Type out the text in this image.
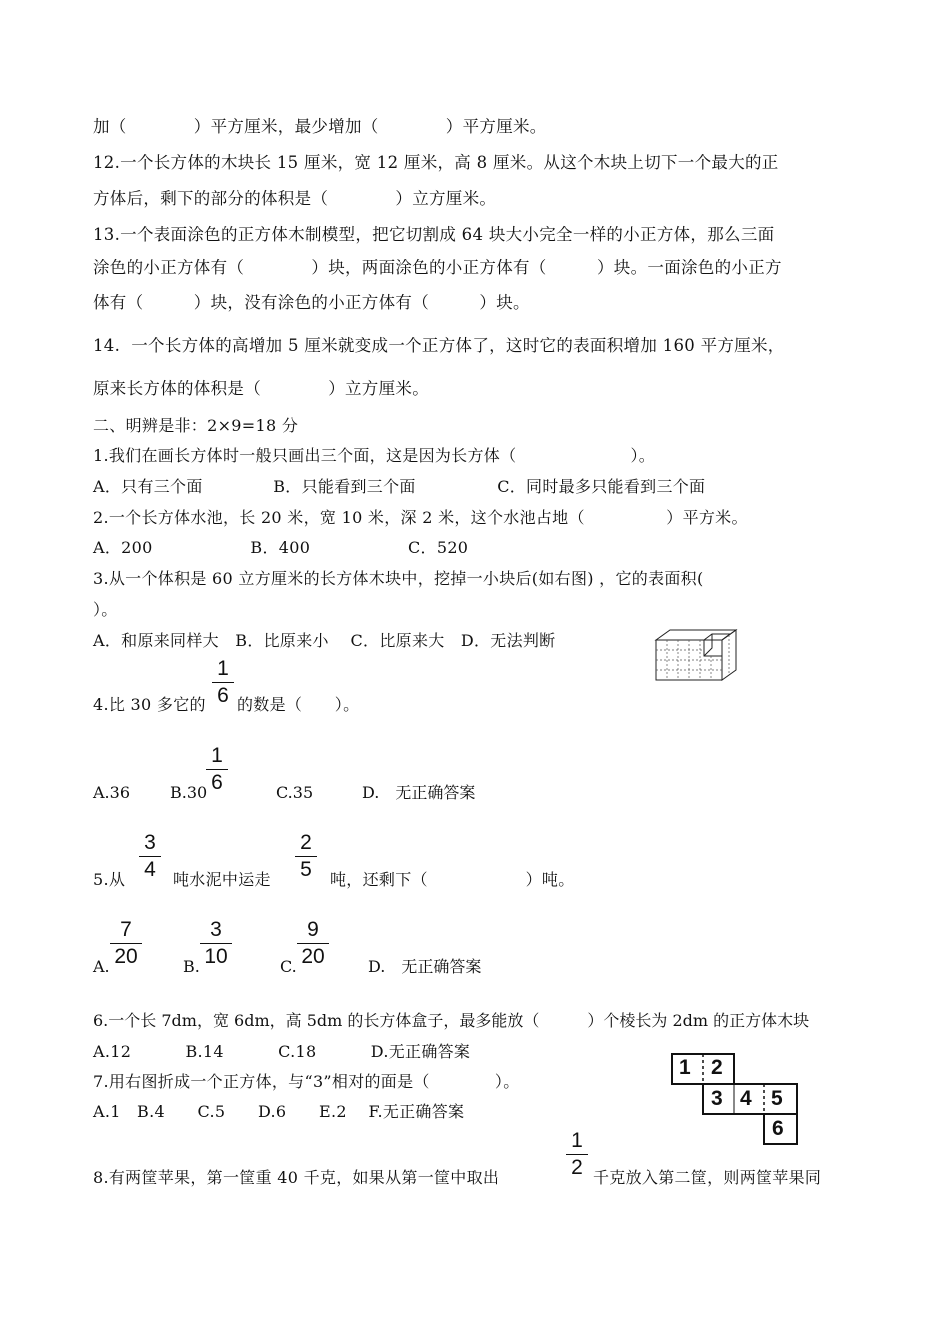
加（　　　　）平方厘米，最少增加（　　　　）平方厘米。
12.一个长方体的木块长 15 厘米，宽 12 厘米，高 8 厘米。从这个木块上切下一个最大的正
方体后，剩下的部分的体积是（　　　　）立方厘米。
13.一个表面涂色的正方体木制模型，把它切割成 64 块大小完全一样的小正方体，那么三面
涂色的小正方体有（　　　　）块，两面涂色的小正方体有（　　　）块。一面涂色的小正方
体有（　　　）块，没有涂色的小正方体有（　　　）块。
14.  一个长方体的高增加 5 厘米就变成一个正方体了，这时它的表面积增加 160 平方厘米，
原来长方体的体积是（　　　　）立方厘米。
二、明辨是非：2×9=18 分
1.我们在画长方体时一般只画出三个面，这是因为长方体（　　　　　　　）。
A．只有三个面　　　　 B．只能看到三个面　　　　　C．同时最多只能看到三个面
2.一个长方体水池，长 20 米，宽 10 米，深 2 米，这个水池占地（　　　　　）平方米。
A．200　　　　　　B．400　　　　　　C．520
3.从一个体积是 60 立方厘米的长方体木块中，挖掉一小块后(如右图) ，它的表面积(
）。
A．和原来同样大　B．比原来小　 C．比原来大　D．无法判断
4.比 30 多它的
1
6 的数是（　　）。
A.36	B.30
1
6	C.35	D.　无正确答案
5.从
3
4	吨水泥中运走
2
5	吨，还剩下（　　　　　　）吨。
A.
7
20	B.
3
10	C.
9
20	D.　无正确答案
6.一个长 7dm，宽 6dm，高 5dm 的长方体盒子，最多能放（　　　）个棱长为 2dm 的正方体木块
A.12　　　 B.14　　　 C.18　　　 D.无正确答案
7.用右图折成一个正方体，与“3”相对的面是（　　　　）。
A.1　B.4　　C.5　　D.6　　E.2　 F.无正确答案
1 2
3 4 5
6
8.有两筐苹果，第一筐重 40 千克，如果从第一筐中取出
1
2 千克放入第二筐，则两筐苹果同
